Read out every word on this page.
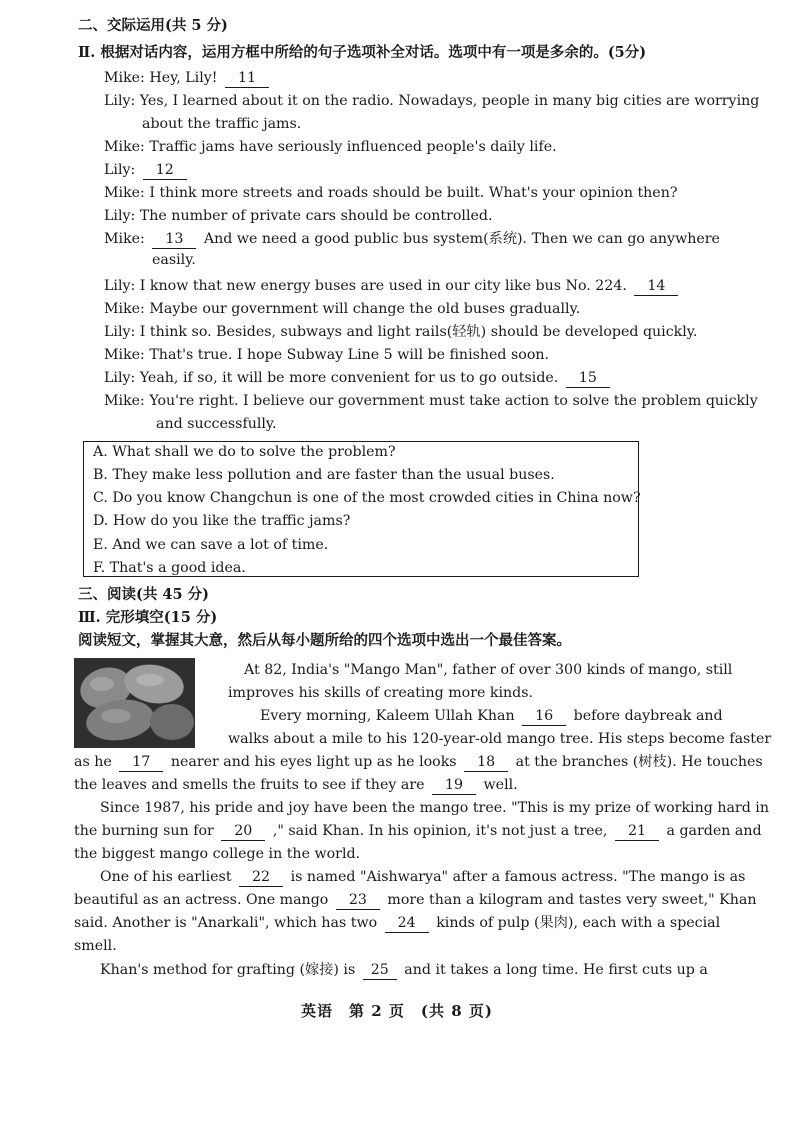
二、交际运用(共 5 分)
Ⅱ. 根据对话内容，运用方框中所给的句子选项补全对话。选项中有一项是多余的。(5分)
Mike: Hey, Lily! 11
Lily: Yes, I learned about it on the radio. Nowadays, people in many big cities are worrying
about the traffic jams.
Mike: Traffic jams have seriously influenced people's daily life.
Lily: 12
Mike: I think more streets and roads should be built. What's your opinion then?
Lily: The number of private cars should be controlled.
Mike: 13 And we need a good public bus system(系统). Then we can go anywhere
easily.
Lily: I know that new energy buses are used in our city like bus No. 224. 14
Mike: Maybe our government will change the old buses gradually.
Lily: I think so. Besides, subways and light rails(轻轨) should be developed quickly.
Mike: That's true. I hope Subway Line 5 will be finished soon.
Lily: Yeah, if so, it will be more convenient for us to go outside. 15
Mike: You're right. I believe our government must take action to solve the problem quickly
and successfully.
A. What shall we do to solve the problem?
B. They make less pollution and are faster than the usual buses.
C. Do you know Changchun is one of the most crowded cities in China now?
D. How do you like the traffic jams?
E. And we can save a lot of time.
F. That's a good idea.
三、阅读(共 45 分)
Ⅲ. 完形填空(15 分)
阅读短文，掌握其大意，然后从每小题所给的四个选项中选出一个最佳答案。
At 82, India's "Mango Man", father of over 300 kinds of mango, still
improves his skills of creating more kinds.
Every morning, Kaleem Ullah Khan 16 before daybreak and
walks about a mile to his 120-year-old mango tree. His steps become faster
as he 17 nearer and his eyes light up as he looks 18 at the branches (树枝). He touches
the leaves and smells the fruits to see if they are 19 well.
Since 1987, his pride and joy have been the mango tree. "This is my prize of working hard in
the burning sun for 20 ," said Khan. In his opinion, it's not just a tree, 21 a garden and
the biggest mango college in the world.
One of his earliest 22 is named "Aishwarya" after a famous actress. "The mango is as
beautiful as an actress. One mango 23 more than a kilogram and tastes very sweet," Khan
said. Another is "Anarkali", which has two 24 kinds of pulp (果肉), each with a special
smell.
Khan's method for grafting (嫁接) is 25 and it takes a long time. He first cuts up a
英语　第 2 页　(共 8 页)
